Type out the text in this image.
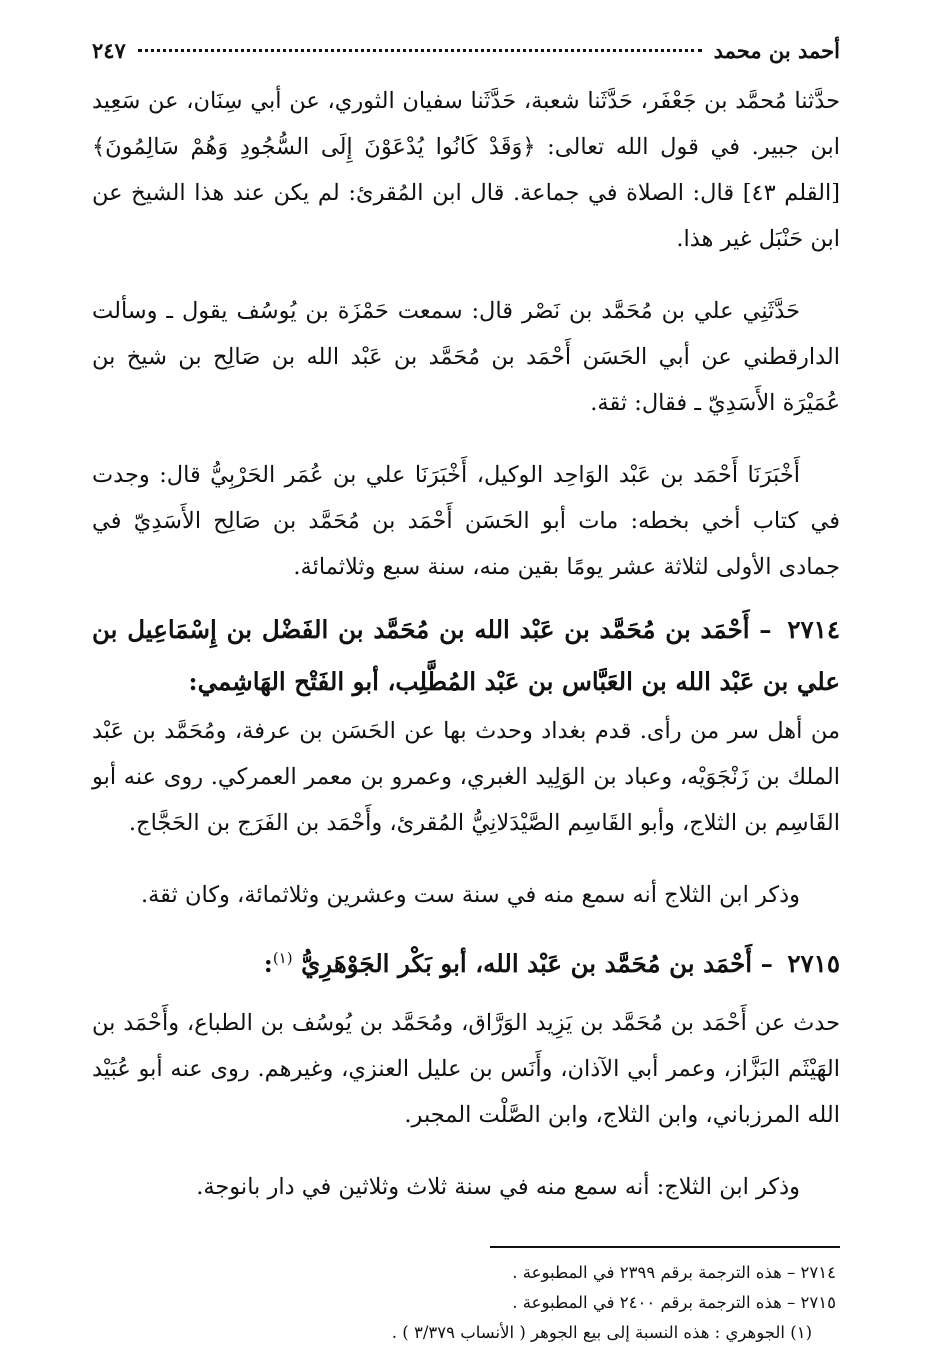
أحمد بن محمد
٢٤٧

حدَّثنا مُحمَّد بن جَعْفَر، حَدَّثَنا شعبة، حَدَّثَنا سفيان الثوري، عن أبي سِنَان، عن سَعِيد ابن جبير. في قول الله تعالى: ﴿وَقَدْ كَانُوا يُدْعَوْنَ إِلَى السُّجُودِ وَهُمْ سَالِمُونَ﴾ [القلم ٤٣] قال: الصلاة في جماعة. قال ابن المُقرئ: لم يكن عند هذا الشيخ عن ابن حَنْبَل غير هذا.

حَدَّثَنِي علي بن مُحَمَّد بن نَصْر قال: سمعت حَمْزَة بن يُوسُف يقول ـ وسألت الدارقطني عن أبي الحَسَن أَحْمَد بن مُحَمَّد بن عَبْد الله بن صَالِح بن شيخ بن عُمَيْرَة الأَسَدِيّ ـ فقال: ثقة.

أَخْبَرَنَا أَحْمَد بن عَبْد الوَاحِد الوكيل، أَخْبَرَنَا علي بن عُمَر الحَرْبِيُّ قال: وجدت في كتاب أخي بخطه: مات أبو الحَسَن أَحْمَد بن مُحَمَّد بن صَالِح الأَسَدِيّ في جمادى الأولى لثلاثة عشر يومًا بقين منه، سنة سبع وثلاثمائة.

٢٧١٤ – أَحْمَد بن مُحَمَّد بن عَبْد الله بن مُحَمَّد بن الفَضْل بن إِسْمَاعِيل بن علي بن عَبْد الله بن العَبَّاس بن عَبْد المُطَّلِب، أبو الفَتْح الهَاشِمي:

من أهل سر من رأى. قدم بغداد وحدث بها عن الحَسَن بن عرفة، ومُحَمَّد بن عَبْد الملك بن زَنْجَوَيْه، وعباد بن الوَلِيد الغبري، وعمرو بن معمر العمركي. روى عنه أبو القَاسِم بن الثلاج، وأبو القَاسِم الصَّيْدَلانِيُّ المُقرئ، وأَحْمَد بن الفَرَج بن الحَجَّاج.

وذكر ابن الثلاج أنه سمع منه في سنة ست وعشرين وثلاثمائة، وكان ثقة.

٢٧١٥ – أَحْمَد بن مُحَمَّد بن عَبْد الله، أبو بَكْر الجَوْهَرِيُّ $^{(١)}$:

حدث عن أَحْمَد بن مُحَمَّد بن يَزِيد الوَرَّاق، ومُحَمَّد بن يُوسُف بن الطباع، وأَحْمَد بن الهَيْثَم البَزَّاز، وعمر أبي الآذان، وأَنَس بن عليل العنزي، وغيرهم. روى عنه أبو عُبَيْد الله المرزباني، وابن الثلاج، وابن الصَّلْت المجبر.

وذكر ابن الثلاج: أنه سمع منه في سنة ثلاث وثلاثين في دار بانوجة.

٢٧١٤ – هذه الترجمة برقم ٢٣٩٩ في المطبوعة .
٢٧١٥ – هذه الترجمة برقم ٢٤٠٠ في المطبوعة .
(١) الجوهري : هذه النسبة إلى بيع الجوهر ( الأنساب ٣/٣٧٩ ) .
